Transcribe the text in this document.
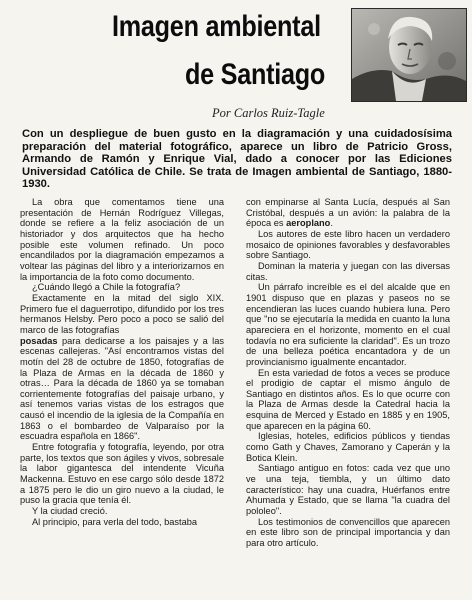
Imagen ambiental
de Santiago

Por Carlos Ruiz-Tagle

Con un despliegue de buen gusto en la diagramación y una cuidadosísima preparación del material fotográfico, aparece un libro de Patricio Gross, Armando de Ramón y Enrique Vial, dado a conocer por las Ediciones Universidad Católica de Chile. Se trata de Imagen ambiental de Santiago, 1880-1930.

La obra que comentamos tiene una presentación de Hernán Rodríguez Villegas, donde se refiere a la feliz asociación de un historiador y dos arquitectos que ha hecho posible este volumen refinado. Un poco encandilados por la diagramación empezamos a voltear las páginas del libro y a interiorizarnos en la importancia de la foto como documento.

¿Cuándo llegó a Chile la fotografía?

Exactamente en la mitad del siglo XIX. Primero fue el daguerrotipo, difundido por los tres hermanos Helsby. Pero poco a poco se salió del marco de las fotografías

posadas para dedicarse a los paisajes y a las escenas callejeras. "Así encontramos vistas del motín del 28 de octubre de 1850, fotografías de la Plaza de Armas en la década de 1860 y otras… Para la década de 1860 ya se tomaban corrientemente fotografías del paisaje urbano, y así tenemos varias vistas de los estragos que causó el incendio de la iglesia de la Compañía en 1863 o el bombardeo de Valparaíso por la escuadra española en 1866".

Entre fotografía y fotografía, leyendo, por otra parte, los textos que son ágiles y vivos, sobresale la labor gigantesca del intendente Vicuña Mackenna. Estuvo en ese cargo sólo desde 1872 a 1875 pero le dio un giro nuevo a la ciudad, le puso la gracia que tenía él.

Y la ciudad creció.

Al principio, para verla del todo, bastaba

con empinarse al Santa Lucía, después al San Cristóbal, después a un avión: la palabra de la época es aeroplano.

Los autores de este libro hacen un verdadero mosaico de opiniones favorables y desfavorables sobre Santiago.

Dominan la materia y juegan con las diversas citas.

Un párrafo increíble es el del alcalde que en 1901 dispuso que en plazas y paseos no se encendieran las luces cuando hubiera luna. Pero que "no se ejecutaría la medida en cuanto la luna apareciera en el horizonte, momento en el cual todavía no era suficiente la claridad". Es un trozo de una belleza poética encantadora y de un provincianismo igualmente encantador.

En esta variedad de fotos a veces se produce el prodigio de captar el mismo ángulo de Santiago en distintos años. Es lo que ocurre con la Plaza de Armas desde la Catedral hacia la esquina de Merced y Estado en 1885 y en 1905, que aparecen en la página 60.

Iglesias, hoteles, edificios públicos y tiendas como Gath y Chaves, Zamorano y Caperán y la Botica Klein.

Santiago antiguo en fotos: cada vez que uno ve una teja, tiembla, y un último dato característico: hay una cuadra, Huérfanos entre Ahumada y Estado, que se llama "la cuadra del pololeo".

Los testimonios de convencillos que aparecen en este libro son de principal importancia y dan para otro artículo.
